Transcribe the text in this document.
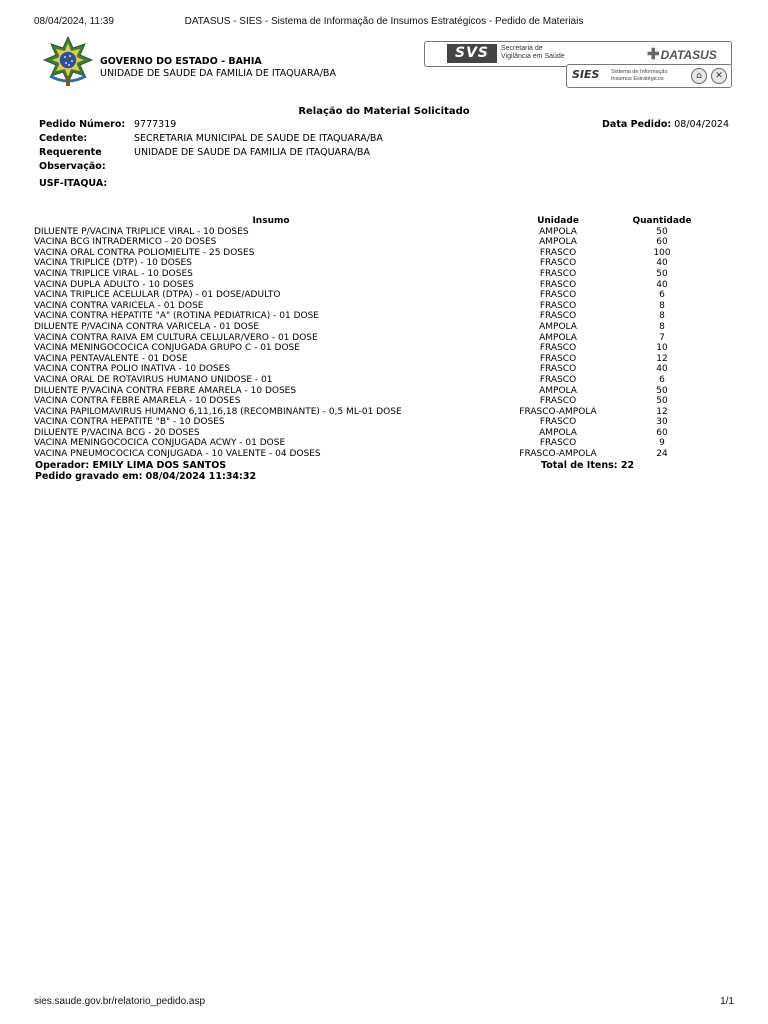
08/04/2024, 11:39	DATASUS - SIES - Sistema de Informação de Insumos Estratégicos - Pedido de Materiais
GOVERNO DO ESTADO - BAHIA
UNIDADE DE SAUDE DA FAMILIA DE ITAQUARA/BA
SVS	Secretaria de
Vigilância em Saúde	✚DATASUS
SIES Sistema de Informação
Insumos Estratégicos	⌂	✕
Relação do Material Solicitado
Pedido Número: 9777319	Data Pedido: 08/04/2024
Cedente:	SECRETARIA MUNICIPAL DE SAUDE DE ITAQUARA/BA
Requerente	UNIDADE DE SAUDE DA FAMILIA DE ITAQUARA/BA
Observação:
USF-ITAQUA:
Insumo	Unidade	Quantidade
DILUENTE P/VACINA TRIPLICE VIRAL - 10 DOSES	AMPOLA	50
VACINA BCG INTRADERMICO - 20 DOSES	AMPOLA	60
VACINA ORAL CONTRA POLIOMIELITE - 25 DOSES	FRASCO	100
VACINA TRIPLICE (DTP) - 10 DOSES	FRASCO	40
VACINA TRIPLICE VIRAL - 10 DOSES	FRASCO	50
VACINA DUPLA ADULTO - 10 DOSES	FRASCO	40
VACINA TRIPLICE ACELULAR (DTPA) - 01 DOSE/ADULTO	FRASCO	6
VACINA CONTRA VARICELA - 01 DOSE	FRASCO	8
VACINA CONTRA HEPATITE "A" (ROTINA PEDIATRICA) - 01 DOSE	FRASCO	8
DILUENTE P/VACINA CONTRA VARICELA - 01 DOSE	AMPOLA	8
VACINA CONTRA RAIVA EM CULTURA CELULAR/VERO - 01 DOSE	AMPOLA	7
VACINA MENINGOCOCICA CONJUGADA GRUPO C - 01 DOSE	FRASCO	10
VACINA PENTAVALENTE - 01 DOSE	FRASCO	12
VACINA CONTRA POLIO INATIVA - 10 DOSES	FRASCO	40
VACINA ORAL DE ROTAVIRUS HUMANO UNIDOSE - 01	FRASCO	6
DILUENTE P/VACINA CONTRA FEBRE AMARELA - 10 DOSES	AMPOLA	50
VACINA CONTRA FEBRE AMARELA - 10 DOSES	FRASCO	50
VACINA PAPILOMAVIRUS HUMANO 6,11,16,18 (RECOMBINANTE) - 0,5 ML-01 DOSE	FRASCO-AMPOLA	12
VACINA CONTRA HEPATITE "B" - 10 DOSES	FRASCO	30
DILUENTE P/VACINA BCG - 20 DOSES	AMPOLA	60
VACINA MENINGOCOCICA CONJUGADA ACWY - 01 DOSE	FRASCO	9
VACINA PNEUMOCOCICA CONJUGADA - 10 VALENTE - 04 DOSES	FRASCO-AMPOLA	24
Operador: EMILY LIMA DOS SANTOS	Total de Itens: 22
Pedido gravado em: 08/04/2024 11:34:32
sies.saude.gov.br/relatorio_pedido.asp	1/1
